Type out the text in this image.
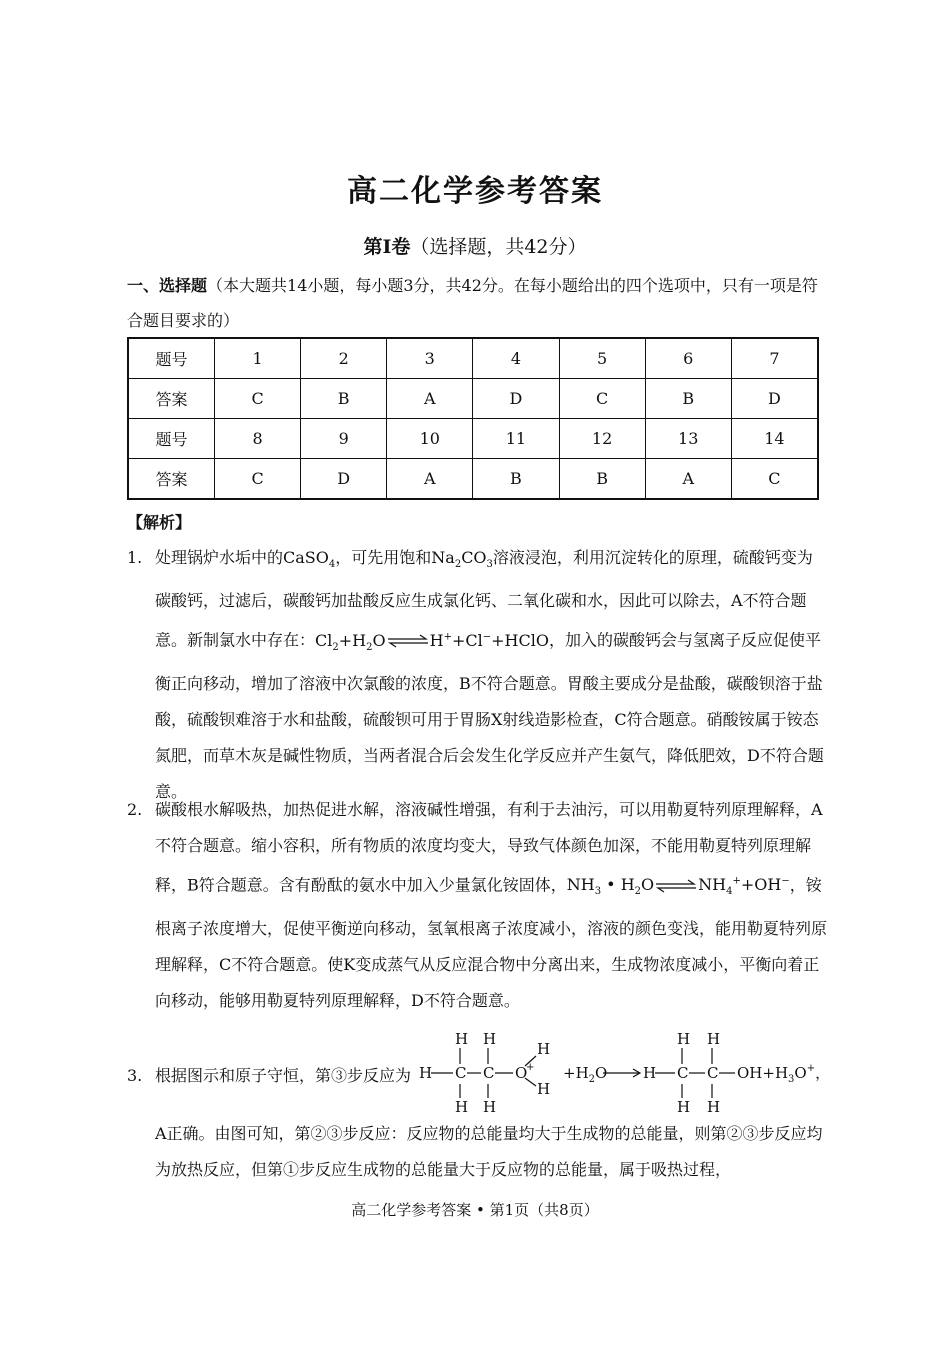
高二化学参考答案
第Ⅰ卷（选择题，共42分）
一、选择题（本大题共14小题，每小题3分，共42分。在每小题给出的四个选项中，只有一项是符合题目要求的）
题号	1	2	3	4	5	6	7
答案	C	B	A	D	C	B	D
题号	8	9	10	11	12	13	14
答案	C	D	A	B	B	A	C
【解析】
1. 处理锅炉水垢中的CaSO$_4$，可先用饱和$Na_2CO_3$溶液浸泡，利用沉淀转化的原理，硫酸钙变为碳酸钙，过滤后，碳酸钙加盐酸反应生成氯化钙、二氧化碳和水，因此可以除去，A不符合题意。新制氯水中存在：$Cl_2+H_2O\rightleftharpoons H^++Cl^-+HClO$，加入的碳酸钙会与氢离子反应促使平衡正向移动，增加了溶液中次氯酸的浓度，B不符合题意。胃酸主要成分是盐酸，碳酸钡溶于盐酸，硫酸钡难溶于水和盐酸，硫酸钡可用于胃肠X射线造影检查，C符合题意。硝酸铵属于铵态氮肥，而草木灰是碱性物质，当两者混合后会发生化学反应并产生氨气，降低肥效，D不符合题意。

2. 碳酸根水解吸热，加热促进水解，溶液碱性增强，有利于去油污，可以用勒夏特列原理解释，A不符合题意。缩小容积，所有物质的浓度均变大，导致气体颜色加深，不能用勒夏特列原理解释，B符合题意。含有酚酞的氨水中加入少量氯化铵固体，$NH_3$ • $H_2O\rightleftharpoons NH_4^++OH^-$，铵根离子浓度增大，促使平衡逆向移动，氢氧根离子浓度减小，溶液的颜色变浅，能用勒夏特列原理解释，C不符合题意。使K变成蒸气从反应混合物中分离出来，生成物浓度减小，平衡向着正向移动，能够用勒夏特列原理解释，D不符合题意。

3. 根据图示和原子守恒，第③步反应为
H H
H C C O
+
H
H
H H
$+H_2O$ H
H H
C C
H H
$OH+H_3O^+$，

A正确。由图可知，第②③步反应：反应物的总能量均大于生成物的总能量，则第②③步反应均为放热反应，但第①步反应生成物的总能量大于反应物的总能量，属于吸热过程，

高二化学参考答案 • 第1页（共8页）
